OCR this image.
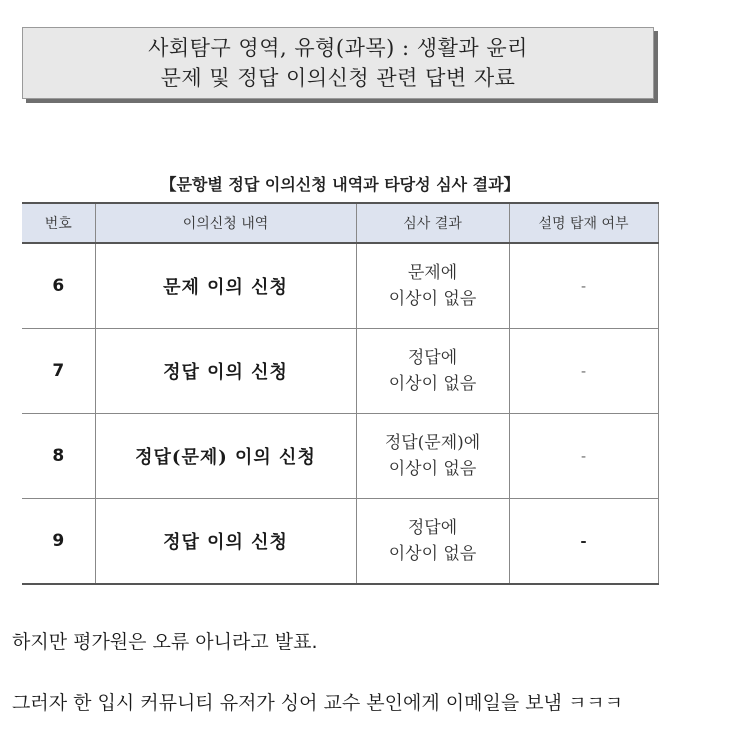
사회탐구 영역, 유형(과목) : 생활과 윤리
문제 및 정답 이의신청 관련 답변 자료
【문항별 정답 이의신청 내역과 타당성 심사 결과】
번호	이의신청 내역	심사 결과	설명 탑재 여부
6	문제 이의 신청	문제에
이상이 없음	-
7	정답 이의 신청	정답에
이상이 없음	-
8	정답(문제) 이의 신청	정답(문제)에
이상이 없음	-
9	정답 이의 신청	정답에
이상이 없음	-
하지만 평가원은 오류 아니라고 발표.
그러자 한 입시 커뮤니티 유저가 싱어 교수 본인에게 이메일을 보냄 ㅋㅋㅋ
